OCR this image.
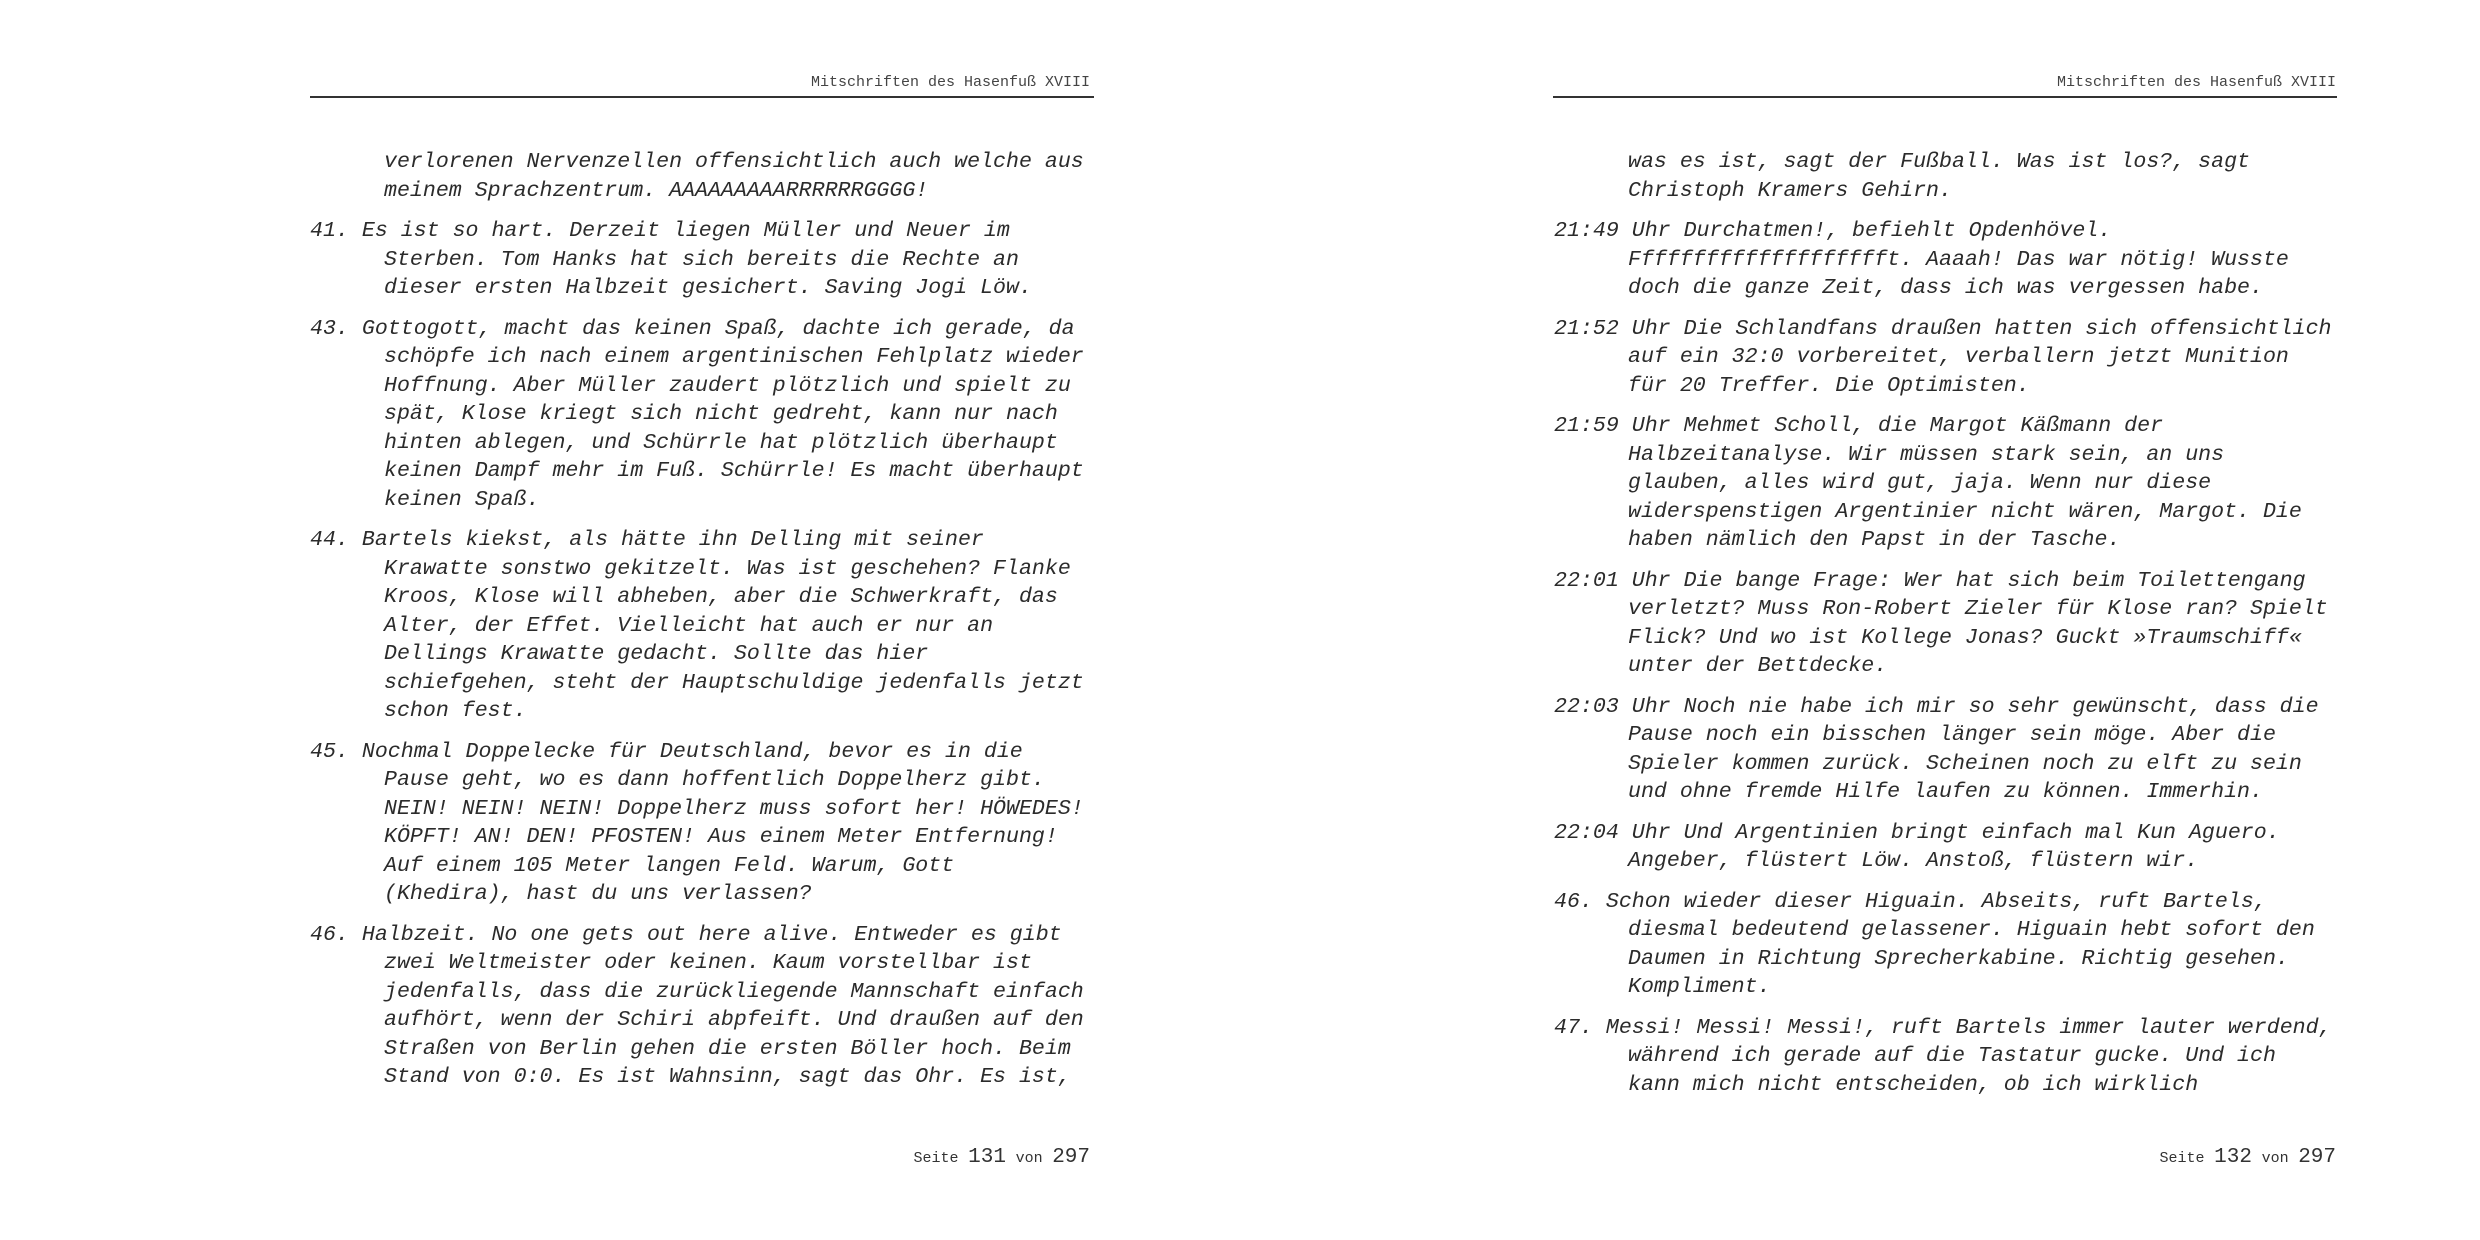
Mitschriften des Hasenfuß XVIII

verlorenen Nervenzellen offensichtlich auch welche aus
meinem Sprachzentrum. AAAAAAAAARRRRRRGGGG!

41. Es ist so hart. Derzeit liegen Müller und Neuer im
Sterben. Tom Hanks hat sich bereits die Rechte an
dieser ersten Halbzeit gesichert. Saving Jogi Löw.

43. Gottogott, macht das keinen Spaß, dachte ich gerade, da
schöpfe ich nach einem argentinischen Fehlplatz wieder
Hoffnung. Aber Müller zaudert plötzlich und spielt zu
spät, Klose kriegt sich nicht gedreht, kann nur nach
hinten ablegen, und Schürrle hat plötzlich überhaupt
keinen Dampf mehr im Fuß. Schürrle! Es macht überhaupt
keinen Spaß.

44. Bartels kiekst, als hätte ihn Delling mit seiner
Krawatte sonstwo gekitzelt. Was ist geschehen? Flanke
Kroos, Klose will abheben, aber die Schwerkraft, das
Alter, der Effet. Vielleicht hat auch er nur an
Dellings Krawatte gedacht. Sollte das hier
schiefgehen, steht der Hauptschuldige jedenfalls jetzt
schon fest.

45. Nochmal Doppelecke für Deutschland, bevor es in die
Pause geht, wo es dann hoffentlich Doppelherz gibt.
NEIN! NEIN! NEIN! Doppelherz muss sofort her! HÖWEDES!
KÖPFT! AN! DEN! PFOSTEN! Aus einem Meter Entfernung!
Auf einem 105 Meter langen Feld. Warum, Gott
(Khedira), hast du uns verlassen?

46. Halbzeit. No one gets out here alive. Entweder es gibt
zwei Weltmeister oder keinen. Kaum vorstellbar ist
jedenfalls, dass die zurückliegende Mannschaft einfach
aufhört, wenn der Schiri abpfeift. Und draußen auf den
Straßen von Berlin gehen die ersten Böller hoch. Beim
Stand von 0:0. Es ist Wahnsinn, sagt das Ohr. Es ist,

Seite 131 von 297
Mitschriften des Hasenfuß XVIII

was es ist, sagt der Fußball. Was ist los?, sagt
Christoph Kramers Gehirn.

21:49 Uhr Durchatmen!, befiehlt Opdenhövel.
Fffffffffffffffffffft. Aaaah! Das war nötig! Wusste
doch die ganze Zeit, dass ich was vergessen habe.

21:52 Uhr Die Schlandfans draußen hatten sich offensichtlich
auf ein 32:0 vorbereitet, verballern jetzt Munition
für 20 Treffer. Die Optimisten.

21:59 Uhr Mehmet Scholl, die Margot Käßmann der
Halbzeitanalyse. Wir müssen stark sein, an uns
glauben, alles wird gut, jaja. Wenn nur diese
widerspenstigen Argentinier nicht wären, Margot. Die
haben nämlich den Papst in der Tasche.

22:01 Uhr Die bange Frage: Wer hat sich beim Toilettengang
verletzt? Muss Ron-Robert Zieler für Klose ran? Spielt
Flick? Und wo ist Kollege Jonas? Guckt »Traumschiff«
unter der Bettdecke.

22:03 Uhr Noch nie habe ich mir so sehr gewünscht, dass die
Pause noch ein bisschen länger sein möge. Aber die
Spieler kommen zurück. Scheinen noch zu elft zu sein
und ohne fremde Hilfe laufen zu können. Immerhin.

22:04 Uhr Und Argentinien bringt einfach mal Kun Aguero.
Angeber, flüstert Löw. Anstoß, flüstern wir.

46. Schon wieder dieser Higuain. Abseits, ruft Bartels,
diesmal bedeutend gelassener. Higuain hebt sofort den
Daumen in Richtung Sprecherkabine. Richtig gesehen.
Kompliment.

47. Messi! Messi! Messi!, ruft Bartels immer lauter werdend,
während ich gerade auf die Tastatur gucke. Und ich
kann mich nicht entscheiden, ob ich wirklich

Seite 132 von 297
